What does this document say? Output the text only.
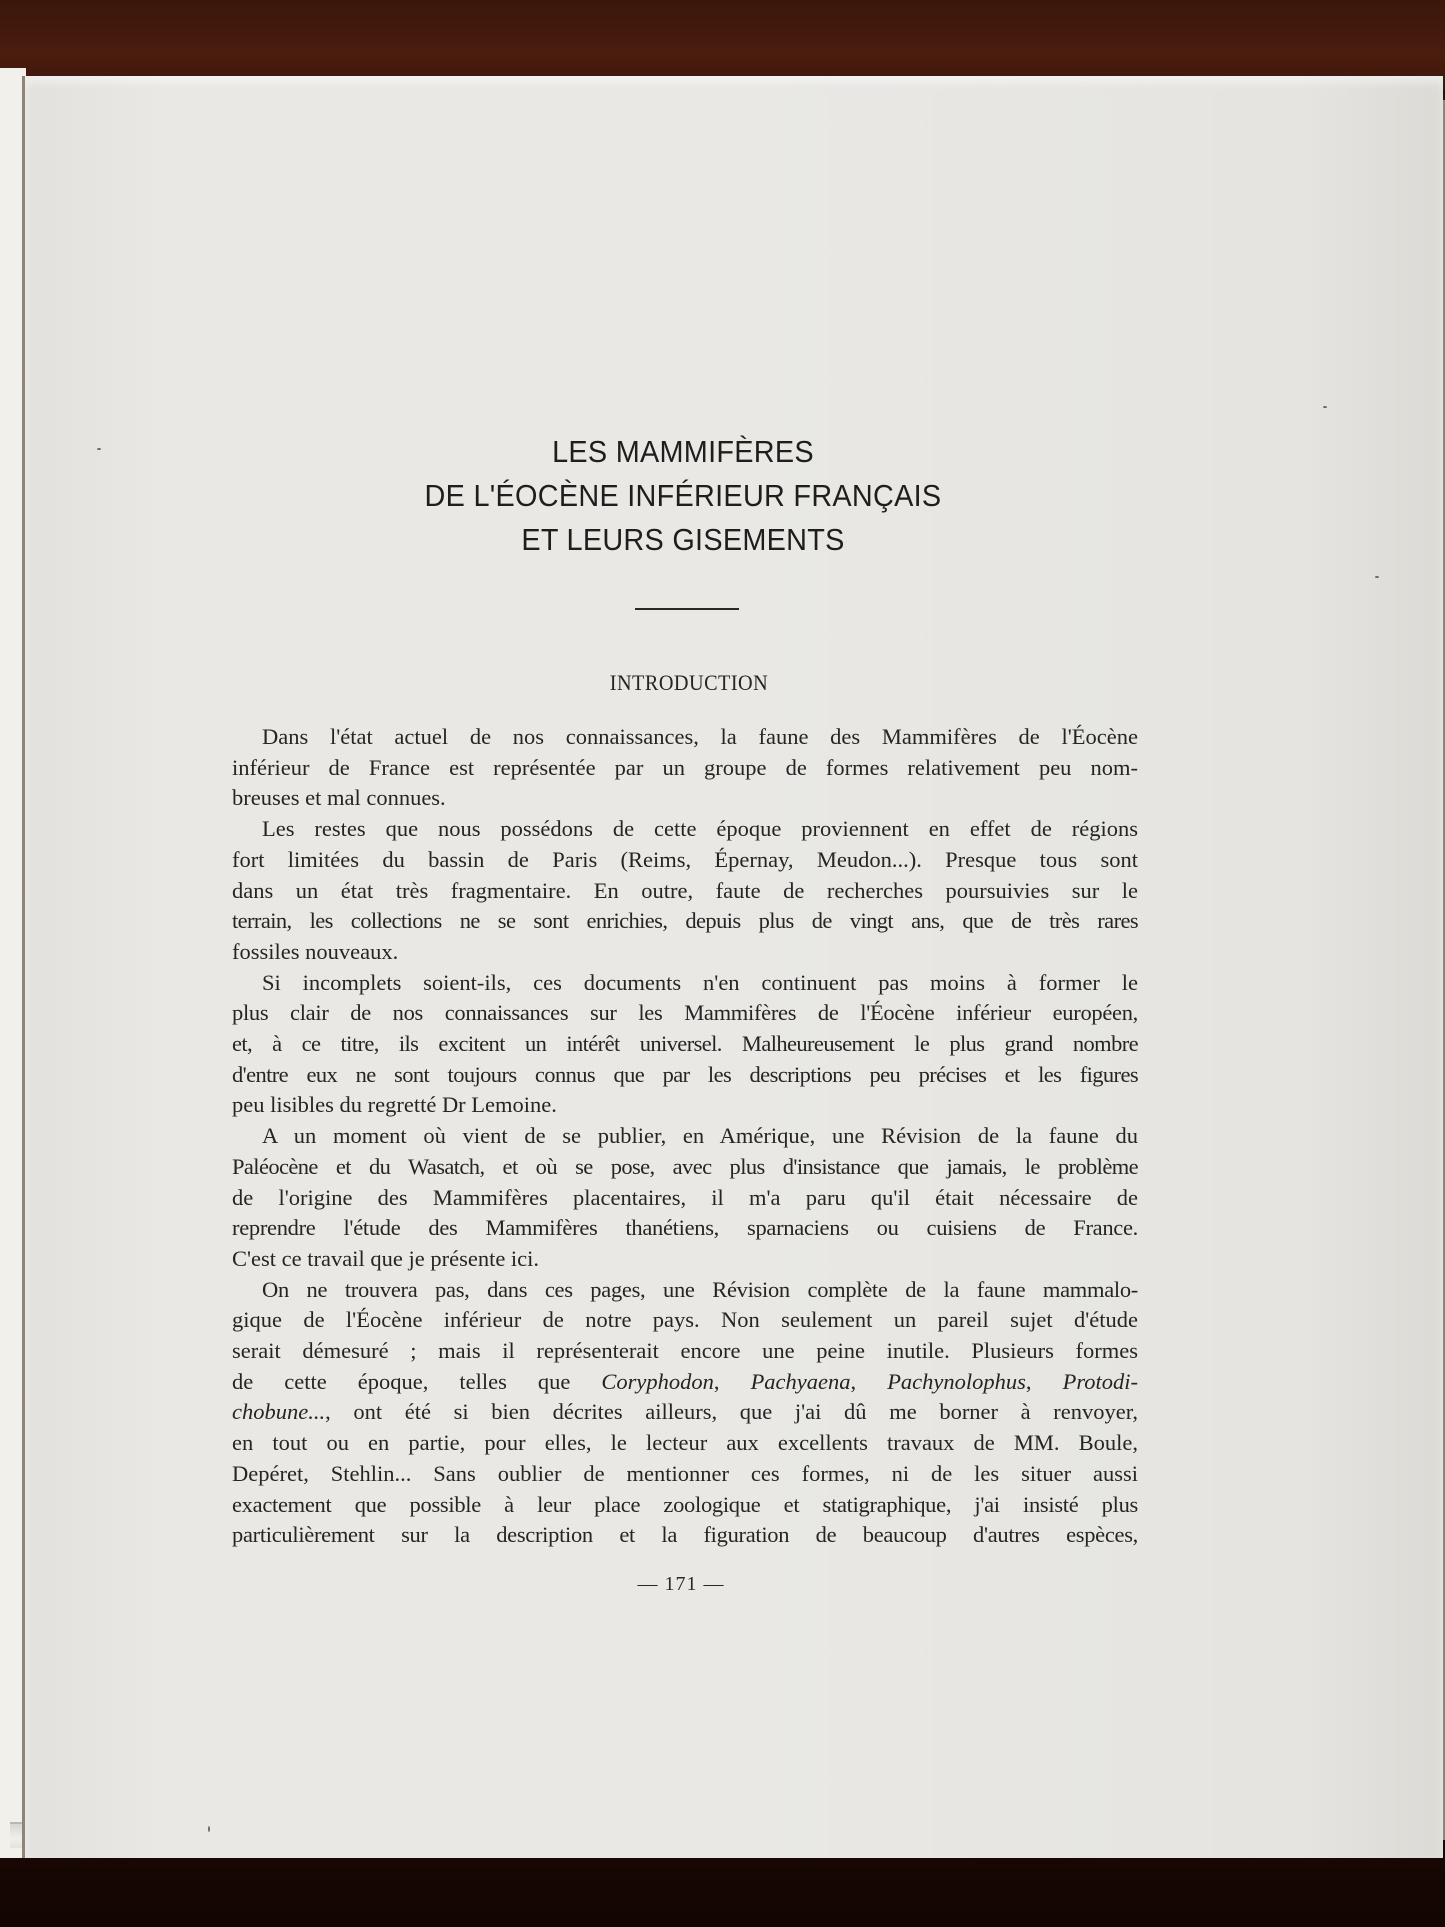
LES MAMMIFÈRES
DE L'ÉOCÈNE INFÉRIEUR FRANÇAIS
ET LEURS GISEMENTS
INTRODUCTION

Dans l'état actuel de nos connaissances, la faune des Mammifères de l'Éocène
inférieur de France est représentée par un groupe de formes relativement peu nom-
breuses et mal connues.

Les restes que nous possédons de cette époque proviennent en effet de régions
fort limitées du bassin de Paris (Reims, Épernay, Meudon...). Presque tous sont
dans un état très fragmentaire. En outre, faute de recherches poursuivies sur le
terrain, les collections ne se sont enrichies, depuis plus de vingt ans, que de très rares
fossiles nouveaux.

Si incomplets soient-ils, ces documents n'en continuent pas moins à former le
plus clair de nos connaissances sur les Mammifères de l'Éocène inférieur européen,
et, à ce titre, ils excitent un intérêt universel. Malheureusement le plus grand nombre
d'entre eux ne sont toujours connus que par les descriptions peu précises et les figures
peu lisibles du regretté Dr Lemoine.

A un moment où vient de se publier, en Amérique, une Révision de la faune du
Paléocène et du Wasatch, et où se pose, avec plus d'insistance que jamais, le problème
de l'origine des Mammifères placentaires, il m'a paru qu'il était nécessaire de
reprendre l'étude des Mammifères thanétiens, sparnaciens ou cuisiens de France.
C'est ce travail que je présente ici.

On ne trouvera pas, dans ces pages, une Révision complète de la faune mammalo-
gique de l'Éocène inférieur de notre pays. Non seulement un pareil sujet d'étude
serait démesuré ; mais il représenterait encore une peine inutile. Plusieurs formes
de cette époque, telles que Coryphodon, Pachyaena, Pachynolophus, Protodi-
chobune..., ont été si bien décrites ailleurs, que j'ai dû me borner à renvoyer,
en tout ou en partie, pour elles, le lecteur aux excellents travaux de MM. Boule,
Depéret, Stehlin... Sans oublier de mentionner ces formes, ni de les situer aussi
exactement que possible à leur place zoologique et statigraphique, j'ai insisté plus
particulièrement sur la description et la figuration de beaucoup d'autres espèces,

— 171 —
